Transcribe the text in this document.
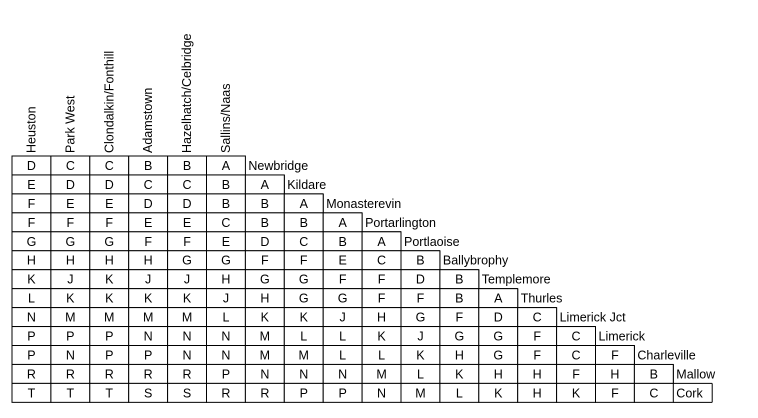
Heuston Park West Clondalkin/Fonthill Adamstown Hazelhatch/Celbridge Sallins/Naas
D C C B B A Newbridge
E D D C C B A Kildare
F E E D D B B A Monasterevin
F	F	F E E C B B A Portarlington
G G G F	F E D C B A Portlaoise
H H H H G G F	F E C B Ballybrophy
K	J	K	J	J	H G G F	F D B Templemore
L	K K K K	J	H G G F	F B A Thurles
N M M M M L	K K	J	H G F D C Limerick Jct
P P P N N N M L	L	K	J G G F C Limerick
P N P P N N M M L	L	K H G F C F Charleville
R R R R R P N N N M L	K H H F H B Mallow
T	T	T S S R R P P N M L	K H K F C Cork
